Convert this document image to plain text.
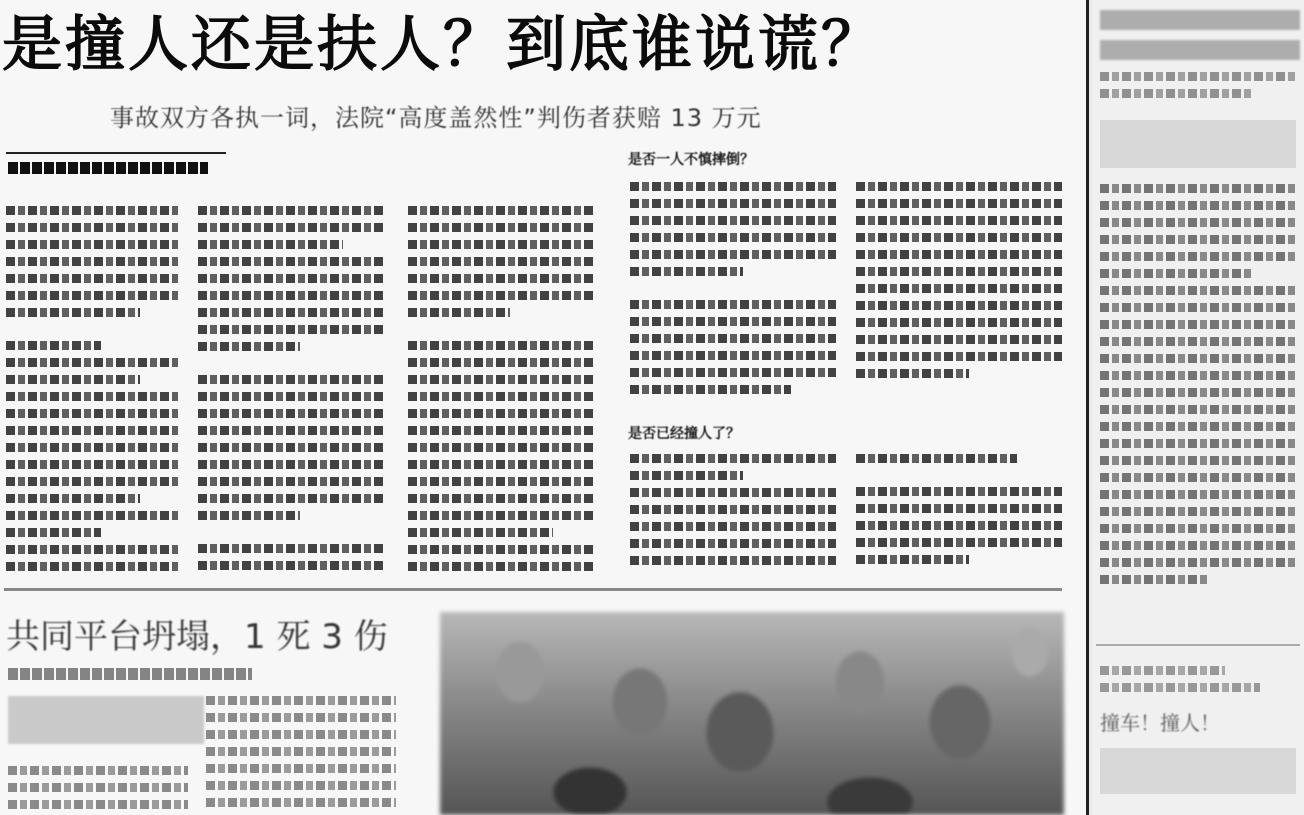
是撞人还是扶人？到底谁说谎？
事故双方各执一词，法院“高度盖然性”判伤者获赔 13 万元
是否一人不慎摔倒？
是否已经撞人了？
共同平台坍塌，1 死 3 伤
撞车！撞人！
